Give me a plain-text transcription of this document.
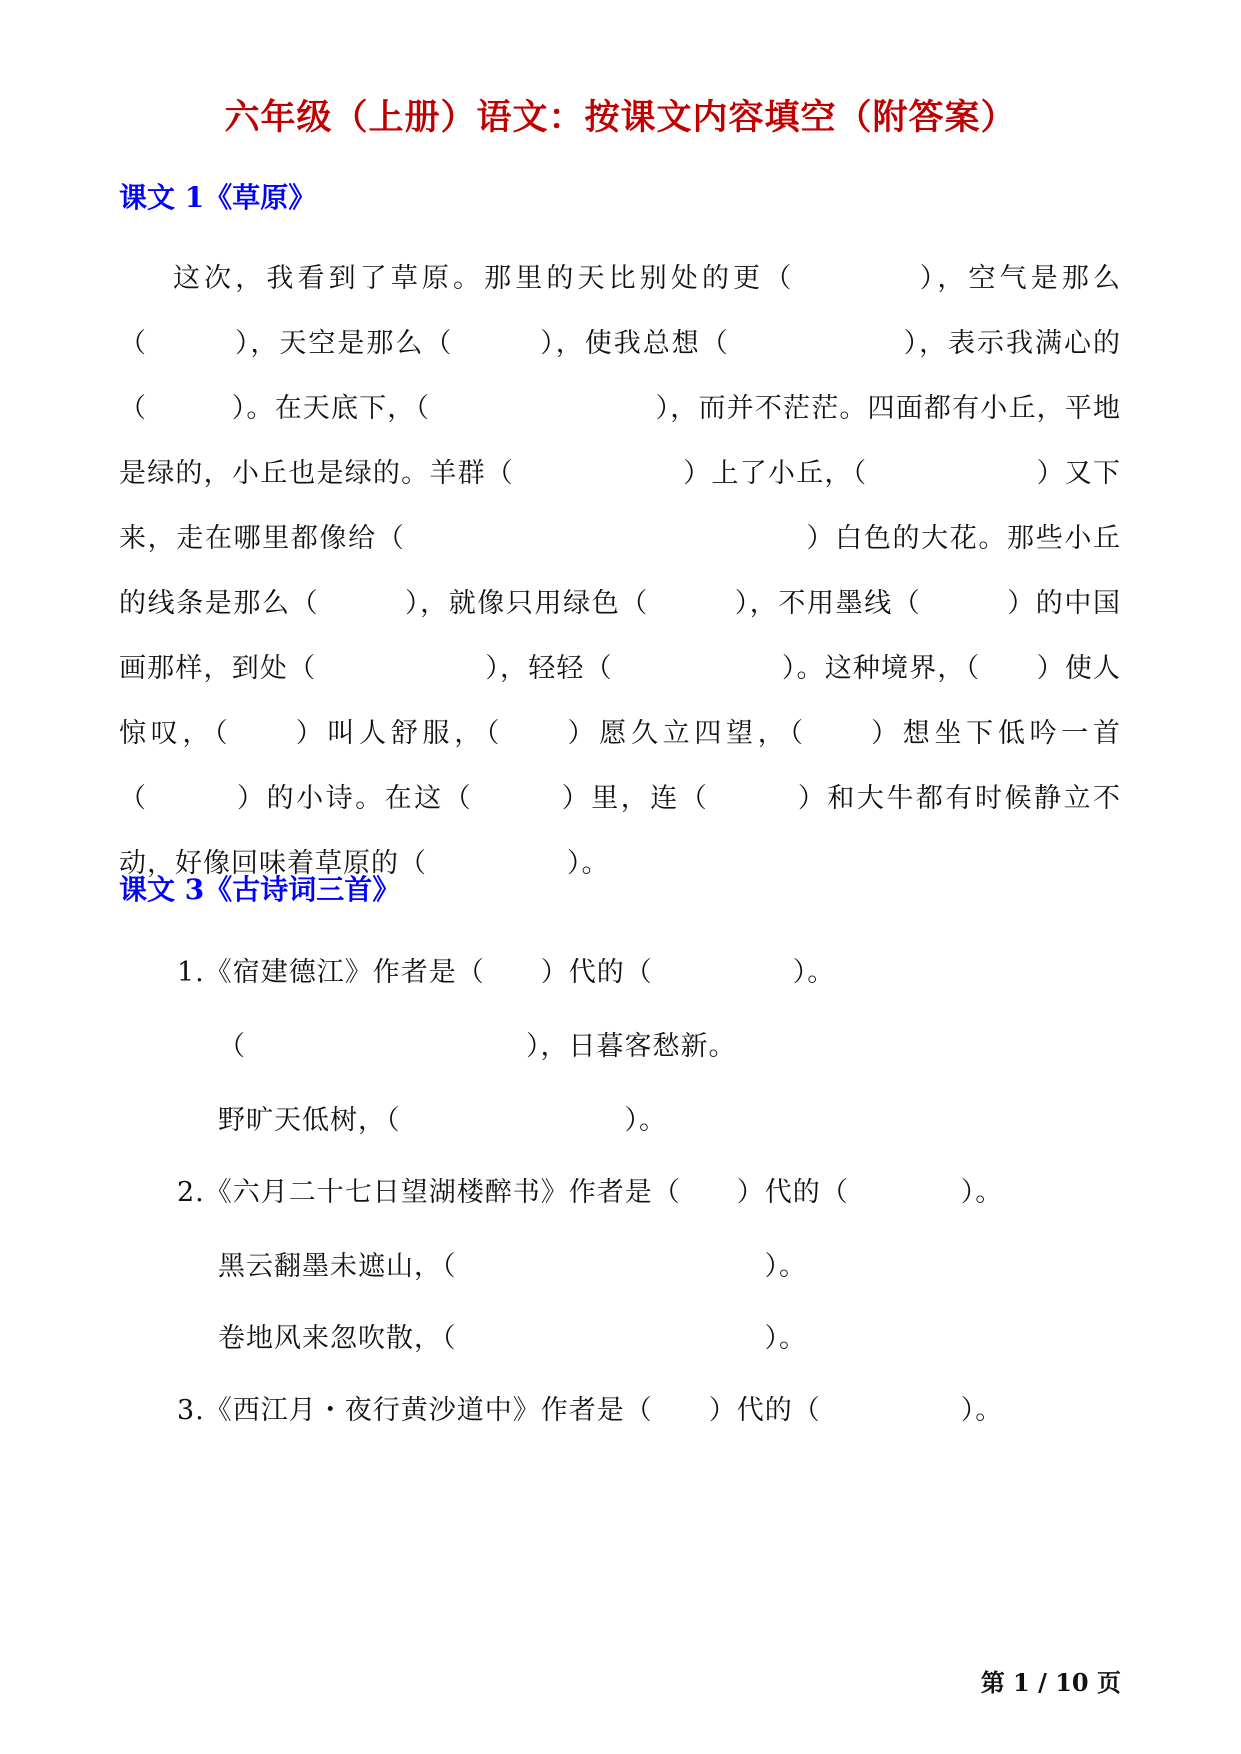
六年级（上册）语文：按课文内容填空（附答案）
课文 1《草原》
这次，我看到了草原。那里的天比别处的更（　　　　），空气是那么（　　　），天空是那么（　　　），使我总想（　　　　　　），表示我满心的（　　　）。在天底下，（　　　　　　　　），而并不茫茫。四面都有小丘，平地是绿的，小丘也是绿的。羊群（　　　　　　）上了小丘，（　　　　　　）又下来，走在哪里都像给（　　　　　　　　　　　　　　）白色的大花。那些小丘的线条是那么（　　　），就像只用绿色（　　　），不用墨线（　　　）的中国画那样，到处（　　　　　　），轻轻（　　　　　　）。这种境界，（　　）使人惊叹，（　　）叫人舒服，（　　）愿久立四望，（　　）想坐下低吟一首（　　　）的小诗。在这（　　　）里，连（　　　）和大牛都有时候静立不动，好像回味着草原的（　　　　　）。
课文 3《古诗词三首》
1.《宿建德江》作者是（　　）代的（　　　　　）。
（　　　　　　　　　　），日暮客愁新。
野旷天低树，（　　　　　　　　）。
2.《六月二十七日望湖楼醉书》作者是（　　）代的（　　　　）。
黑云翻墨未遮山，（　　　　　　　　　　　）。
卷地风来忽吹散，（　　　　　　　　　　　）。
3.《西江月・夜行黄沙道中》作者是（　　）代的（　　　　　）。
第 1 / 10 页
